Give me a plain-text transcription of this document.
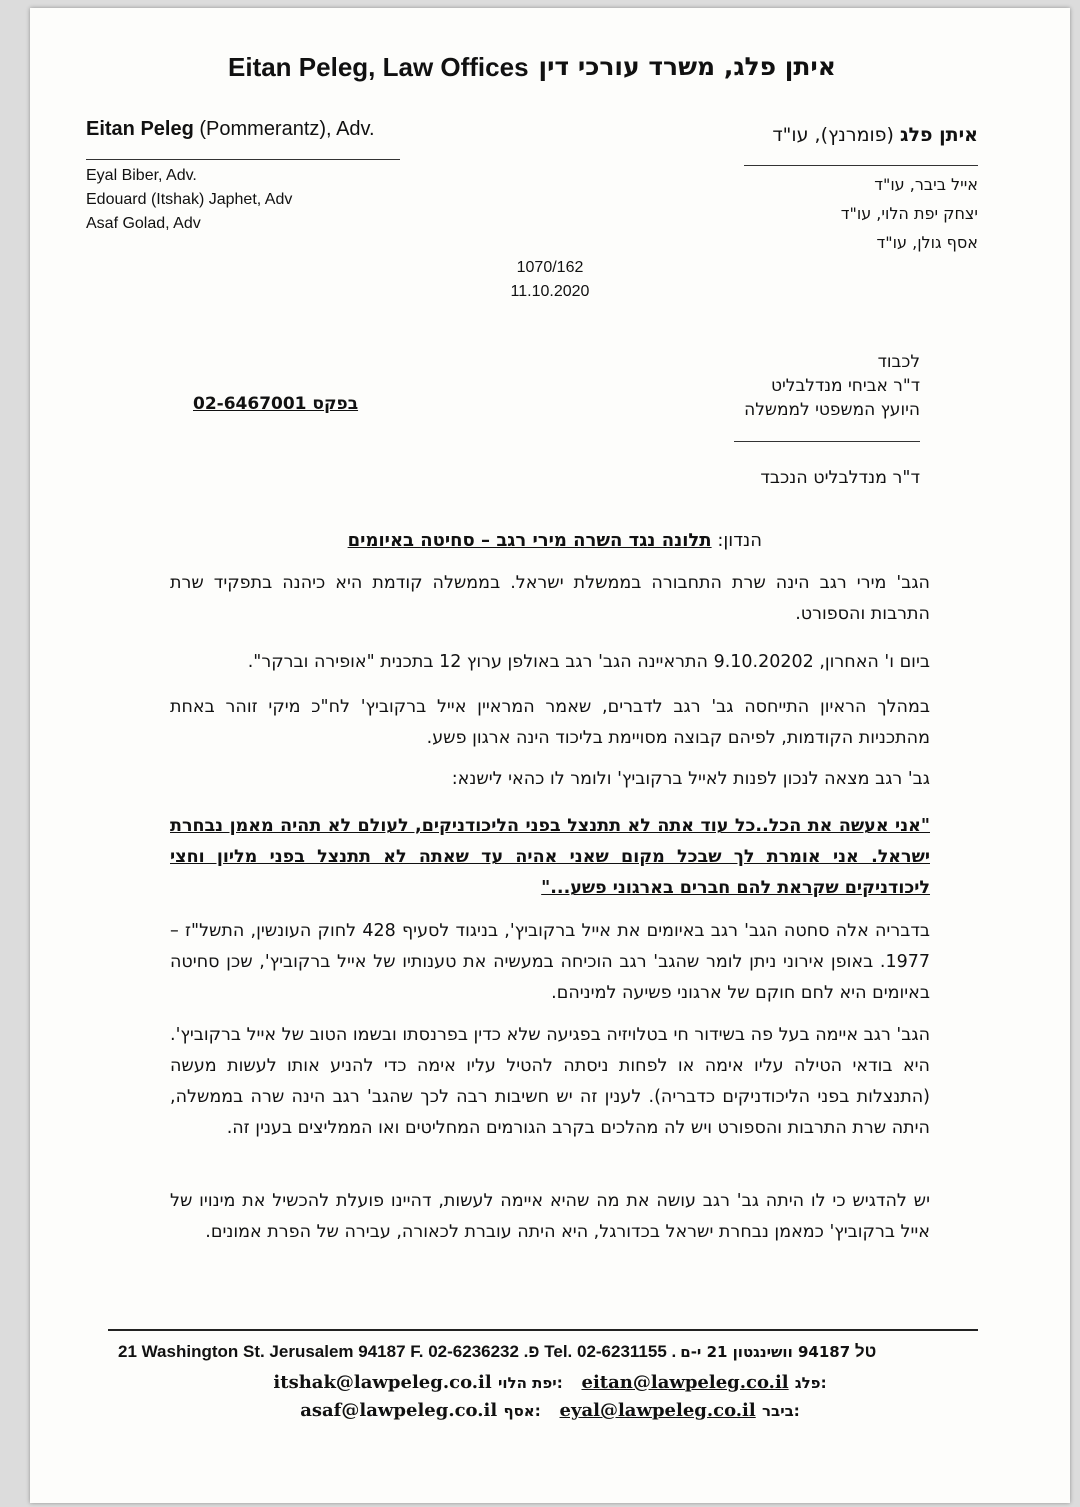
Eitan Peleg, Law Offices איתן פלג, משרד עורכי דין
Eitan Peleg (Pommerantz), Adv.	איתן פלג (פומרנץ), עו"ד
Eyal Biber, Adv.
Edouard (Itshak) Japhet, Adv
Asaf Golad, Adv
אייל ביבר, עו"ד
יצחק יפת הלוי, עו"ד
אסף גולן, עו"ד
1070/162
11.10.2020
לכבוד
ד"ר אביחי מנדלבליט
היועץ המשפטי לממשלה
בפקס 02-6467001
ד"ר מנדלבליט הנכבד
הנדון: תלונה נגד השרה מירי רגב – סחיטה באיומים
הגב' מירי רגב הינה שרת התחבורה בממשלת ישראל. בממשלה קודמת היא כיהנה בתפקיד שרת התרבות והספורט.
ביום ו' האחרון, 9.10.20202 התראיינה הגב' רגב באולפן ערוץ 12 בתכנית "אופירה וברקר".
במהלך הראיון התייחסה גב' רגב לדברים, שאמר המראיין אייל ברקוביץ' לח"כ מיקי זוהר באחת מהתכניות הקודמות, לפיהם קבוצה מסויימת בליכוד הינה ארגון פשע.
גב' רגב מצאה לנכון לפנות לאייל ברקוביץ' ולומר לו כהאי לישנא:
"אני אעשה את הכל..כל עוד אתה לא תתנצל בפני הליכודניקים, לעולם לא תהיה מאמן נבחרת ישראל. אני אומרת לך שבכל מקום שאני אהיה עד שאתה לא תתנצל בפני מליון וחצי ליכודניקים שקראת להם חברים בארגוני פשע..."
בדבריה אלה סחטה הגב' רגב באיומים את אייל ברקוביץ', בניגוד לסעיף 428 לחוק העונשין, התשל"ז – 1977. באופן אירוני ניתן לומר שהגב' רגב הוכיחה במעשיה את טענותיו של אייל ברקוביץ', שכן סחיטה באיומים היא לחם חוקם של ארגוני פשיעה למיניהם.
הגב' רגב איימה בעל פה בשידור חי בטלויזיה בפגיעה שלא כדין בפרנסתו ובשמו הטוב של אייל ברקוביץ'. היא בודאי הטילה עליו אימה או לפחות ניסתה להטיל עליו אימה כדי להניע אותו לעשות מעשה (התנצלות בפני הליכודניקים כדבריה). לענין זה יש חשיבות רבה לכך שהגב' רגב הינה שרה בממשלה, היתה שרת התרבות והספורט ויש לה מהלכים בקרב הגורמים המחליטים ואו הממליצים בענין זה.
יש להדגיש כי לו היתה גב' רגב עושה את מה שהיא איימה לעשות, דהיינו פועלת להכשיל את מינויו של אייל ברקוביץ' כמאמן נבחרת ישראל בכדורגל, היא היתה עוברת לכאורה, עבירה של הפרת אמונים.
21 Washington St. Jerusalem 94187 F. 02-6236232 .פ Tel. 02-6231155 .טל 94187 וושינגטון 21 י-ם
itshak@lawpeleg.co.il יפת הלוי: eitan@lawpeleg.co.il פלג:
asaf@lawpeleg.co.il אסף: eyal@lawpeleg.co.il ביבר:
